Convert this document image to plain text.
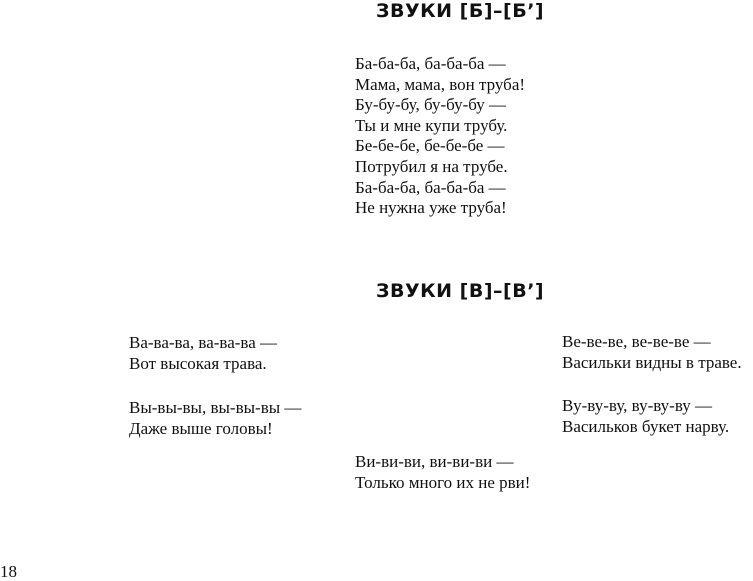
ЗВУКИ [Б]–[Б’]
Ба-ба-ба, ба-ба-ба —
Мама, мама, вон труба!
Бу-бу-бу, бу-бу-бу —
Ты и мне купи трубу.
Бе-бе-бе, бе-бе-бе —
Потрубил я на трубе.
Ба-ба-ба, ба-ба-ба —
Не нужна уже труба!
ЗВУКИ [В]–[В’]
Ва-ва-ва, ва-ва-ва —
Вот высокая трава.
Вы-вы-вы, вы-вы-вы —
Даже выше головы!
Ви-ви-ви, ви-ви-ви —
Только много их не рви!
Ве-ве-ве, ве-ве-ве —
Васильки видны в траве.
Ву-ву-ву, ву-ву-ву —
Васильков букет нарву.
18
